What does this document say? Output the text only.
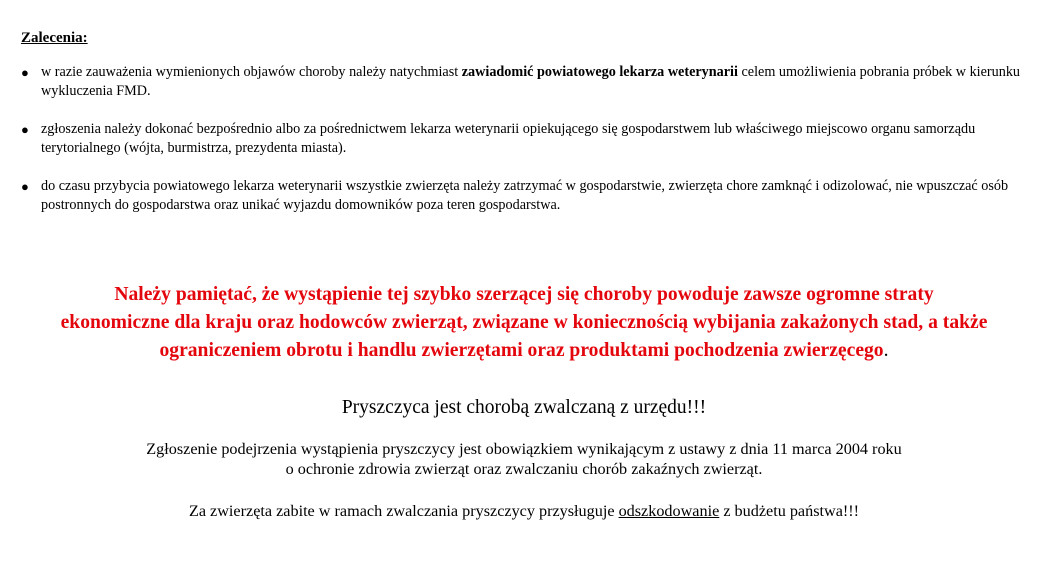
Zalecenia:
● w razie zauważenia wymienionych objawów choroby należy natychmiast zawiadomić powiatowego lekarza weterynarii celem umożliwienia pobrania próbek w kierunku wykluczenia FMD.
● zgłoszenia należy dokonać bezpośrednio albo za pośrednictwem lekarza weterynarii opiekującego się gospodarstwem lub właściwego miejscowo organu samorządu terytorialnego (wójta, burmistrza, prezydenta miasta).
● do czasu przybycia powiatowego lekarza weterynarii wszystkie zwierzęta należy zatrzymać w gospodarstwie, zwierzęta chore zamknąć i odizolować, nie wpuszczać osób postronnych do gospodarstwa oraz unikać wyjazdu domowników poza teren gospodarstwa.
Należy pamiętać, że wystąpienie tej szybko szerzącej się choroby powoduje zawsze ogromne straty
ekonomiczne dla kraju oraz hodowców zwierząt, związane w koniecznością wybijania zakażonych stad, a także
ograniczeniem obrotu i handlu zwierzętami oraz produktami pochodzenia zwierzęcego.
Pryszczyca jest chorobą zwalczaną z urzędu!!!
Zgłoszenie podejrzenia wystąpienia pryszczycy jest obowiązkiem wynikającym z ustawy z dnia 11 marca 2004 roku
o ochronie zdrowia zwierząt oraz zwalczaniu chorób zakaźnych zwierząt.
Za zwierzęta zabite w ramach zwalczania pryszczycy przysługuje odszkodowanie z budżetu państwa!!!
